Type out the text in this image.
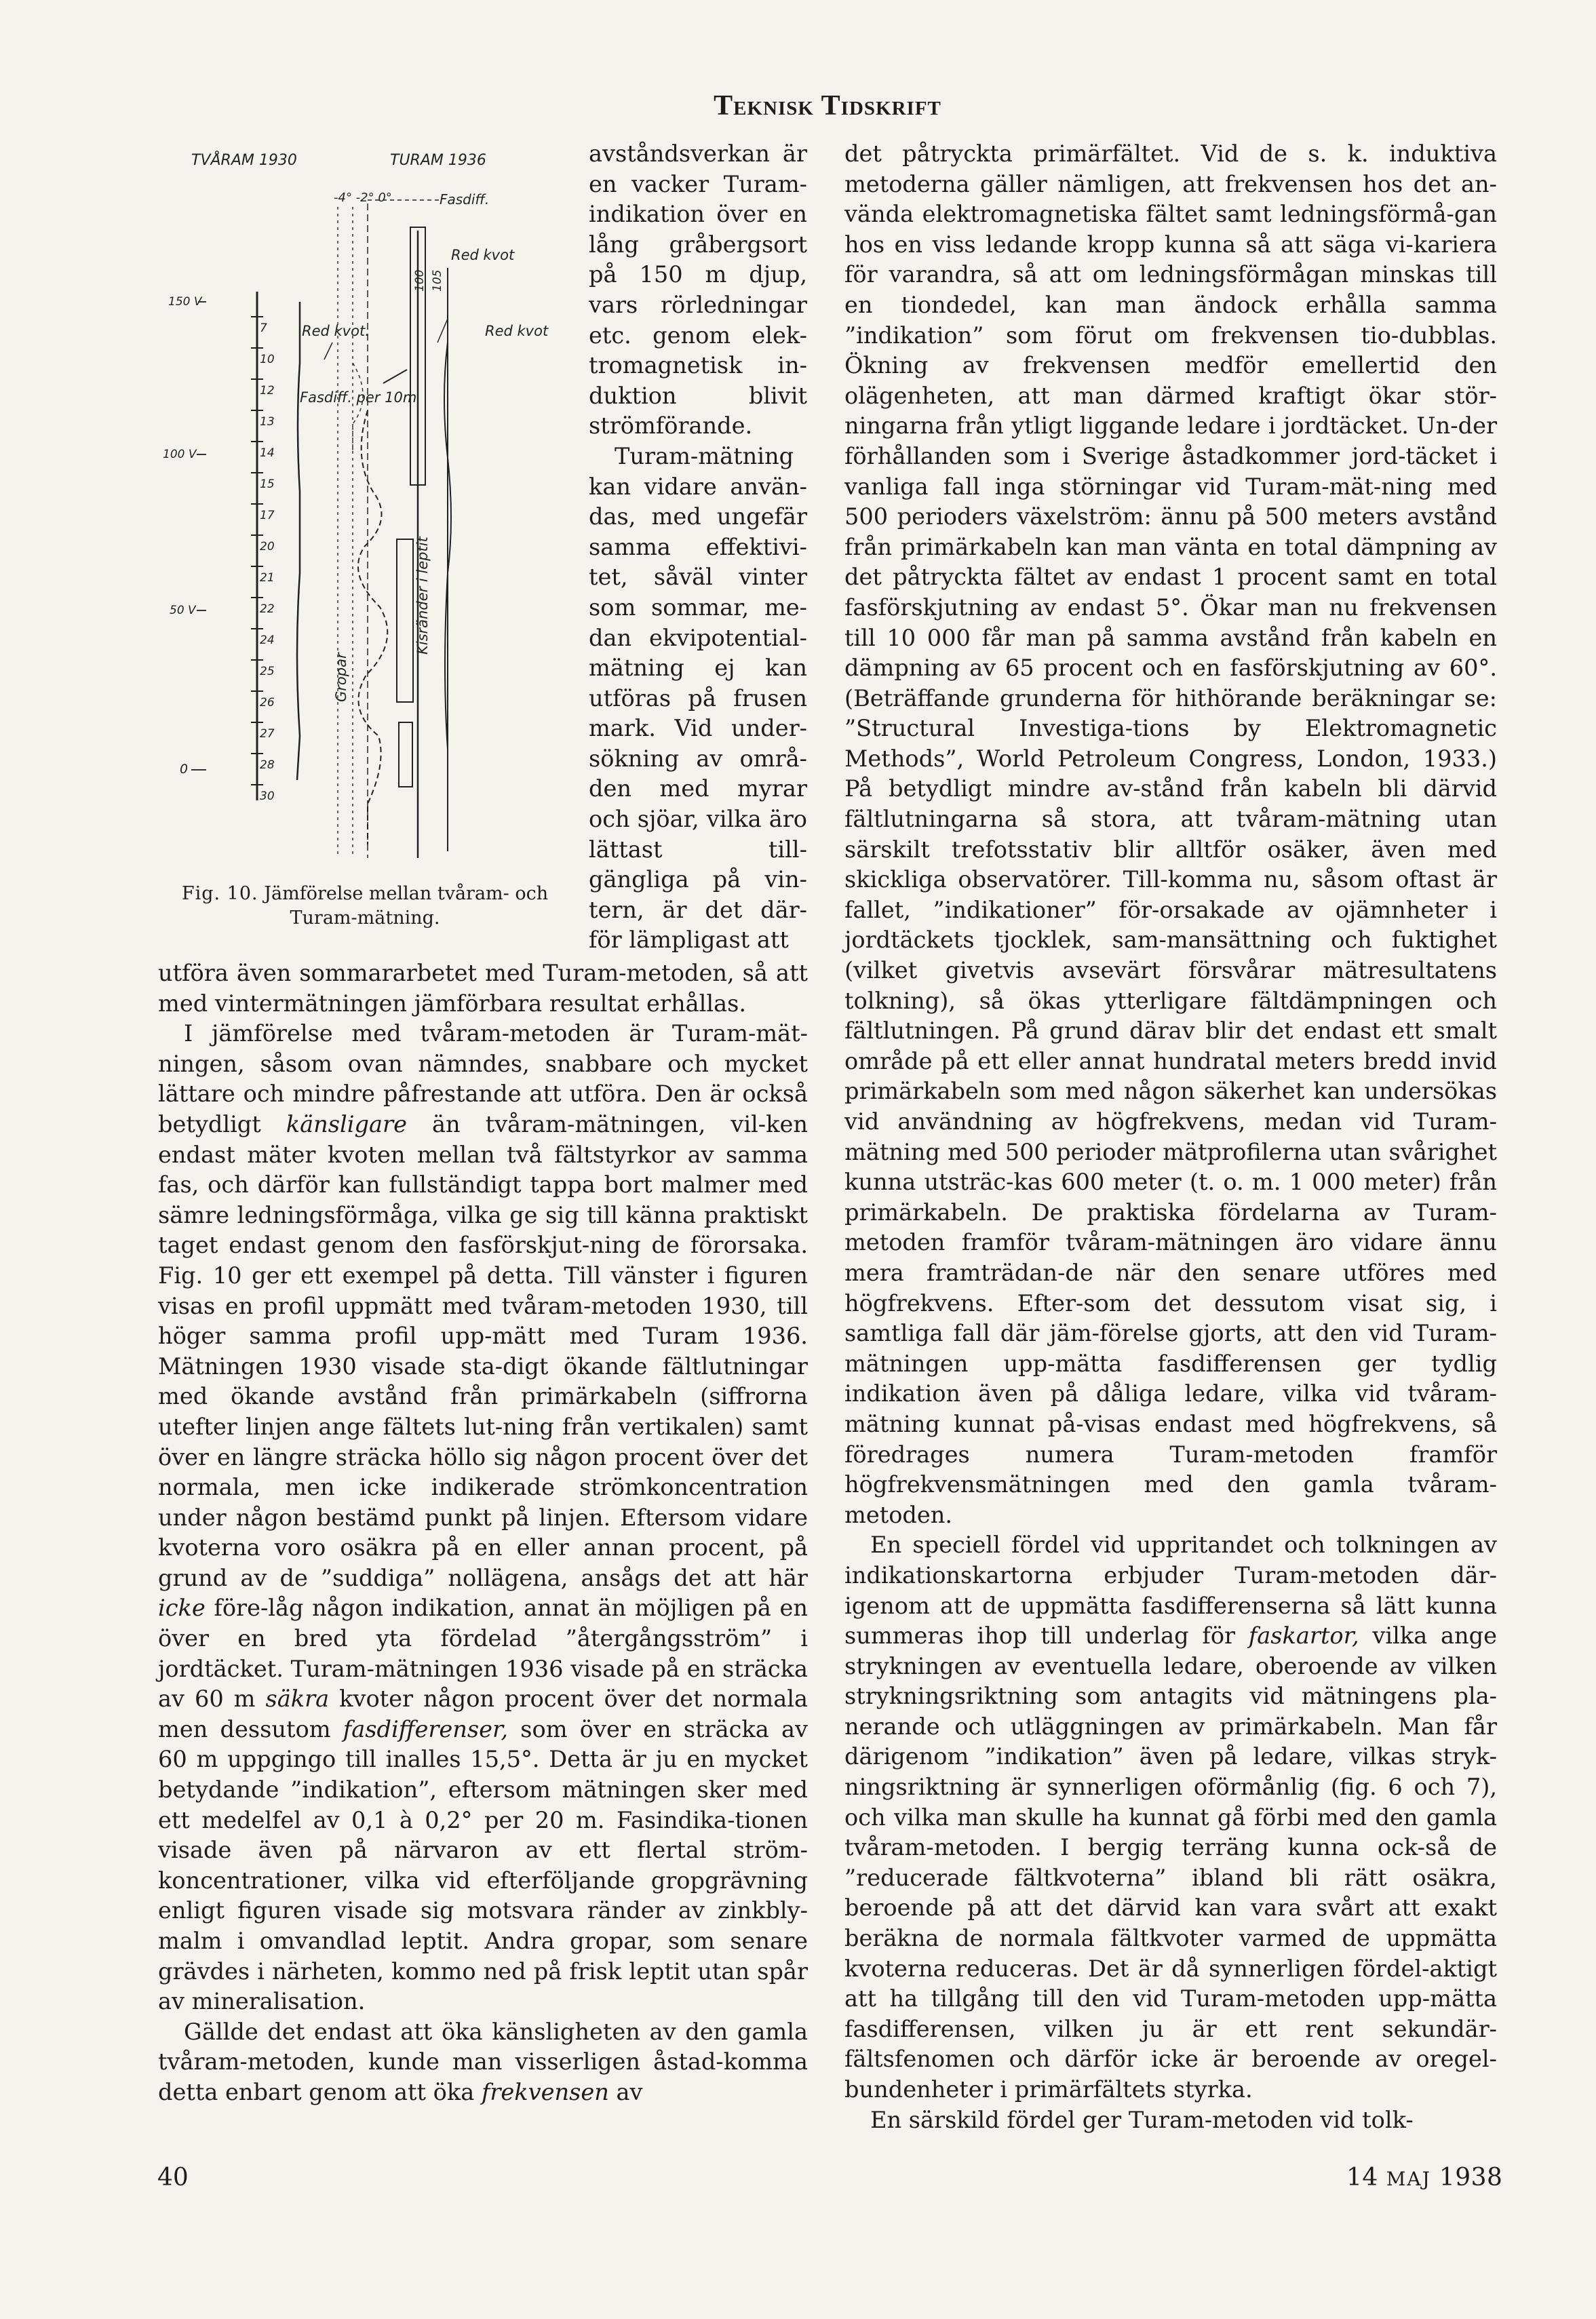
Teknisk Tidskrift
TVÅRAM 1930	TURAM 1936
-4° -2° 0°	Fasdiff.
Red kvot
Red kvot.	Red kvot
Fasdiff. per 10m
100 105
Kisränder i leptit
Gropar
150 V
100 V
50 V
0
7
10
12
13
14
15
17
20
21
22
24
25
26
27
28
30
Fig. 10. Jämförelse mellan tvåram- och Turam-mätning.

avståndsverkan är en vacker Turam-indikation över en lång gråbergsort på 150 m djup, vars rörledningar etc. genom elek-tromagnetisk in-duktion blivit strömförande.

Turam-mätning kan vidare använ-das, med ungefär samma effektivi-tet, såväl vinter som sommar, me-dan ekvipotential-mätning ej kan utföras på frusen mark. Vid under-sökning av områ-den med myrar och sjöar, vilka äro lättast till-gängliga på vin-tern, är det där-för lämpligast att

utföra även sommararbetet med Turam-metoden, så att med vintermätningen jämförbara resultat erhållas.

I jämförelse med tvåram-metoden är Turam-mät-ningen, såsom ovan nämndes, snabbare och mycket lättare och mindre påfrestande att utföra. Den är också betydligt känsligare än tvåram-mätningen, vil-ken endast mäter kvoten mellan två fältstyrkor av samma fas, och därför kan fullständigt tappa bort malmer med sämre ledningsförmåga, vilka ge sig till känna praktiskt taget endast genom den fasförskjut-ning de förorsaka. Fig. 10 ger ett exempel på detta. Till vänster i figuren visas en profil uppmätt med tvåram-metoden 1930, till höger samma profil upp-mätt med Turam 1936. Mätningen 1930 visade sta-digt ökande fältlutningar med ökande avstånd från primärkabeln (siffrorna utefter linjen ange fältets lut-ning från vertikalen) samt över en längre sträcka höllo sig någon procent över det normala, men icke indikerade strömkoncentration under någon bestämd punkt på linjen. Eftersom vidare kvoterna voro osäkra på en eller annan procent, på grund av de ”suddiga” nollägena, ansågs det att här icke före-låg någon indikation, annat än möjligen på en över en bred yta fördelad ”återgångsström” i jordtäcket. Turam-mätningen 1936 visade på en sträcka av 60 m säkra kvoter någon procent över det normala men dessutom fasdifferenser, som över en sträcka av 60 m uppgingo till inalles 15,5°. Detta är ju en mycket betydande ”indikation”, eftersom mätningen sker med ett medelfel av 0,1 à 0,2° per 20 m. Fasindika-tionen visade även på närvaron av ett flertal ström-koncentrationer, vilka vid efterföljande gropgrävning enligt figuren visade sig motsvara ränder av zinkbly-malm i omvandlad leptit. Andra gropar, som senare grävdes i närheten, kommo ned på frisk leptit utan spår av mineralisation.

Gällde det endast att öka känsligheten av den gamla tvåram-metoden, kunde man visserligen åstad-komma detta enbart genom att öka frekvensen av

det påtryckta primärfältet. Vid de s. k. induktiva metoderna gäller nämligen, att frekvensen hos det an-vända elektromagnetiska fältet samt ledningsförmå-gan hos en viss ledande kropp kunna så att säga vi-kariera för varandra, så att om ledningsförmågan minskas till en tiondedel, kan man ändock erhålla samma ”indikation” som förut om frekvensen tio-dubblas. Ökning av frekvensen medför emellertid den olägenheten, att man därmed kraftigt ökar stör-ningarna från ytligt liggande ledare i jordtäcket. Un-der förhållanden som i Sverige åstadkommer jord-täcket i vanliga fall inga störningar vid Turam-mät-ning med 500 perioders växelström: ännu på 500 meters avstånd från primärkabeln kan man vänta en total dämpning av det påtryckta fältet av endast 1 procent samt en total fasförskjutning av endast 5°. Ökar man nu frekvensen till 10 000 får man på samma avstånd från kabeln en dämpning av 65 procent och en fasförskjutning av 60°. (Beträffande grunderna för hithörande beräkningar se: ”Structural Investiga-tions by Elektromagnetic Methods”, World Petroleum Congress, London, 1933.) På betydligt mindre av-stånd från kabeln bli därvid fältlutningarna så stora, att tvåram-mätning utan särskilt trefotsstativ blir alltför osäker, även med skickliga observatörer. Till-komma nu, såsom oftast är fallet, ”indikationer” för-orsakade av ojämnheter i jordtäckets tjocklek, sam-mansättning och fuktighet (vilket givetvis avsevärt försvårar mätresultatens tolkning), så ökas ytterligare fältdämpningen och fältlutningen. På grund därav blir det endast ett smalt område på ett eller annat hundratal meters bredd invid primärkabeln som med någon säkerhet kan undersökas vid användning av högfrekvens, medan vid Turam-mätning med 500 perioder mätprofilerna utan svårighet kunna utsträc-kas 600 meter (t. o. m. 1 000 meter) från primärkabeln. De praktiska fördelarna av Turam-metoden framför tvåram-mätningen äro vidare ännu mera framträdan-de när den senare utföres med högfrekvens. Efter-som det dessutom visat sig, i samtliga fall där jäm-förelse gjorts, att den vid Turam-mätningen upp-mätta fasdifferensen ger tydlig indikation även på dåliga ledare, vilka vid tvåram-mätning kunnat på-visas endast med högfrekvens, så föredrages numera Turam-metoden framför högfrekvensmätningen med den gamla tvåram-metoden.

En speciell fördel vid uppritandet och tolkningen av indikationskartorna erbjuder Turam-metoden där-igenom att de uppmätta fasdifferenserna så lätt kunna summeras ihop till underlag för faskartor, vilka ange strykningen av eventuella ledare, oberoende av vilken strykningsriktning som antagits vid mätningens pla-nerande och utläggningen av primärkabeln. Man får därigenom ”indikation” även på ledare, vilkas stryk-ningsriktning är synnerligen oförmånlig (fig. 6 och 7), och vilka man skulle ha kunnat gå förbi med den gamla tvåram-metoden. I bergig terräng kunna ock-så de ”reducerade fältkvoterna” ibland bli rätt osäkra, beroende på att det därvid kan vara svårt att exakt beräkna de normala fältkvoter varmed de uppmätta kvoterna reduceras. Det är då synnerligen fördel-aktigt att ha tillgång till den vid Turam-metoden upp-mätta fasdifferensen, vilken ju är ett rent sekundär-fältsfenomen och därför icke är beroende av oregel-bundenheter i primärfältets styrka.

En särskild fördel ger Turam-metoden vid tolk-

40	14 MAJ 1938
